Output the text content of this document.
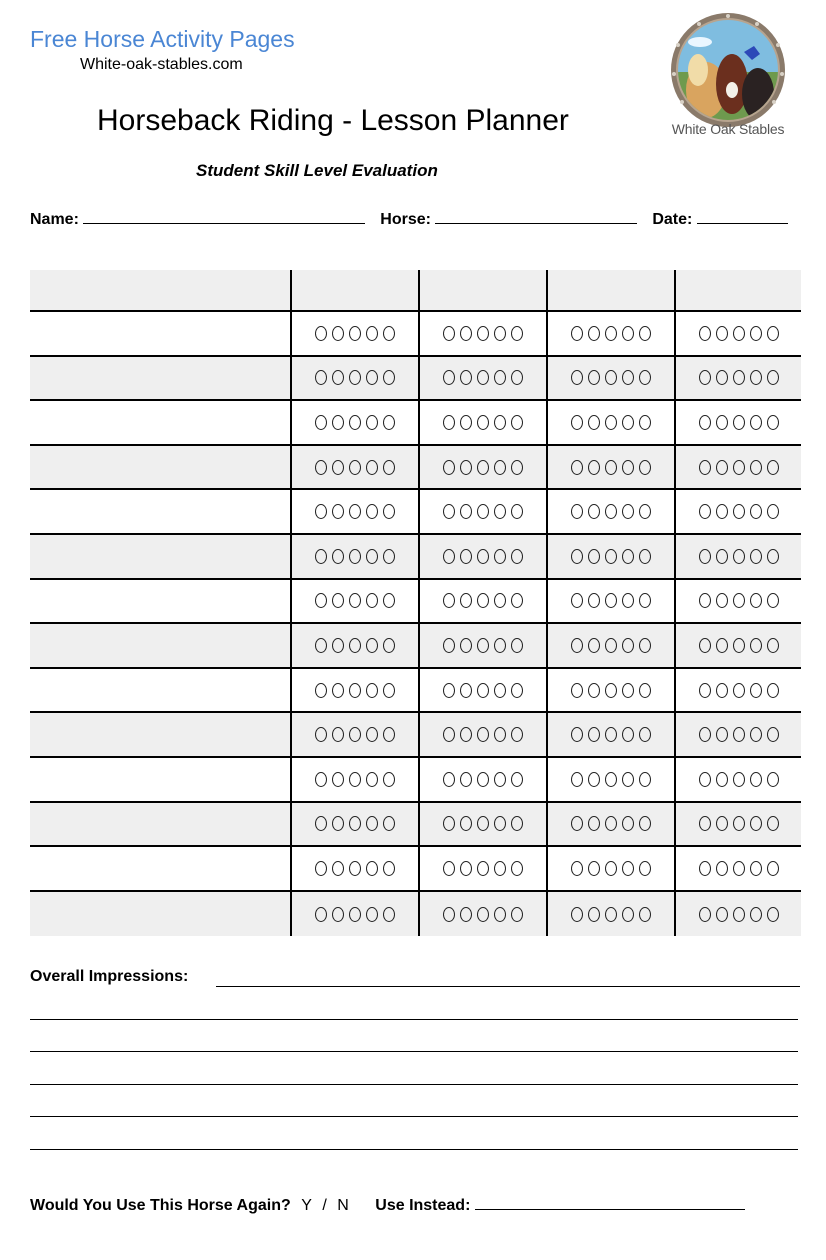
Free Horse Activity Pages
White-oak-stables.com
White Oak Stables
Horseback Riding - Lesson Planner
Student Skill Level Evaluation
Name:	Horse:	Date:
Overall Impressions:
Would You Use This Horse Again? Y / N Use Instead:
